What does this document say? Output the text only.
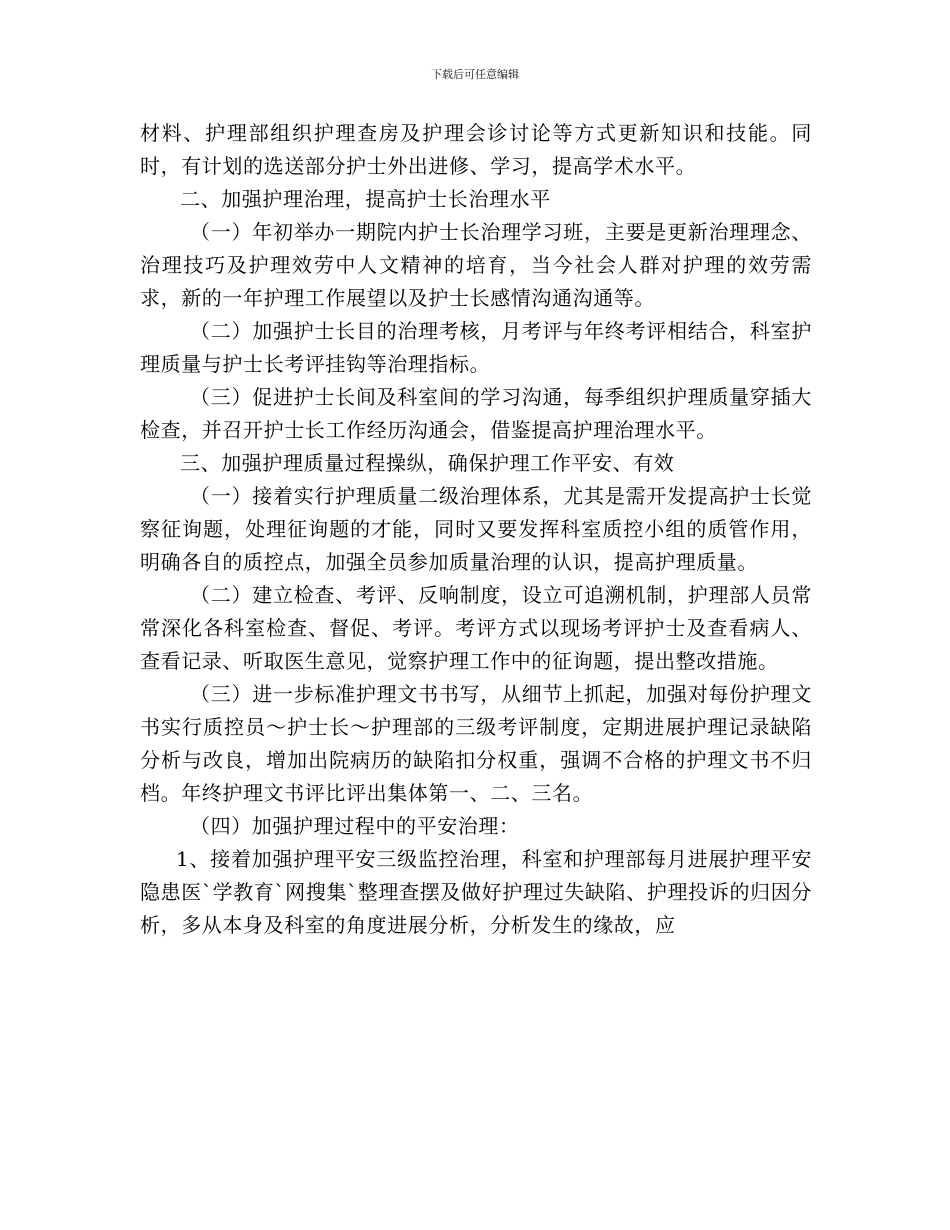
下载后可任意编辑

材料、护理部组织护理查房及护理会诊讨论等方式更新知识和技能。同时，有计划的选送部分护士外出进修、学习，提高学术水平。

二、加强护理治理，提高护士长治理水平

（一）年初举办一期院内护士长治理学习班，主要是更新治理理念、治理技巧及护理效劳中人文精神的培育，当今社会人群对护理的效劳需求，新的一年护理工作展望以及护士长感情沟通沟通等。

（二）加强护士长目的治理考核，月考评与年终考评相结合，科室护理质量与护士长考评挂钩等治理指标。

（三）促进护士长间及科室间的学习沟通，每季组织护理质量穿插大检查，并召开护士长工作经历沟通会，借鉴提高护理治理水平。

三、加强护理质量过程操纵，确保护理工作平安、有效

（一）接着实行护理质量二级治理体系，尤其是需开发提高护士长觉察征询题，处理征询题的才能，同时又要发挥科室质控小组的质管作用，明确各自的质控点，加强全员参加质量治理的认识，提高护理质量。

（二）建立检查、考评、反响制度，设立可追溯机制，护理部人员常常深化各科室检查、督促、考评。考评方式以现场考评护士及查看病人、查看记录、听取医生意见，觉察护理工作中的征询题，提出整改措施。

（三）进一步标准护理文书书写，从细节上抓起，加强对每份护理文书实行质控员～护士长～护理部的三级考评制度，定期进展护理记录缺陷分析与改良，增加出院病历的缺陷扣分权重，强调不合格的护理文书不归档。年终护理文书评比评出集体第一、二、三名。

（四）加强护理过程中的平安治理：

1、接着加强护理平安三级监控治理，科室和护理部每月进展护理平安隐患医`学教育`网搜集`整理查摆及做好护理过失缺陷、护理投诉的归因分析，多从本身及科室的角度进展分析，分析发生的缘故，应
